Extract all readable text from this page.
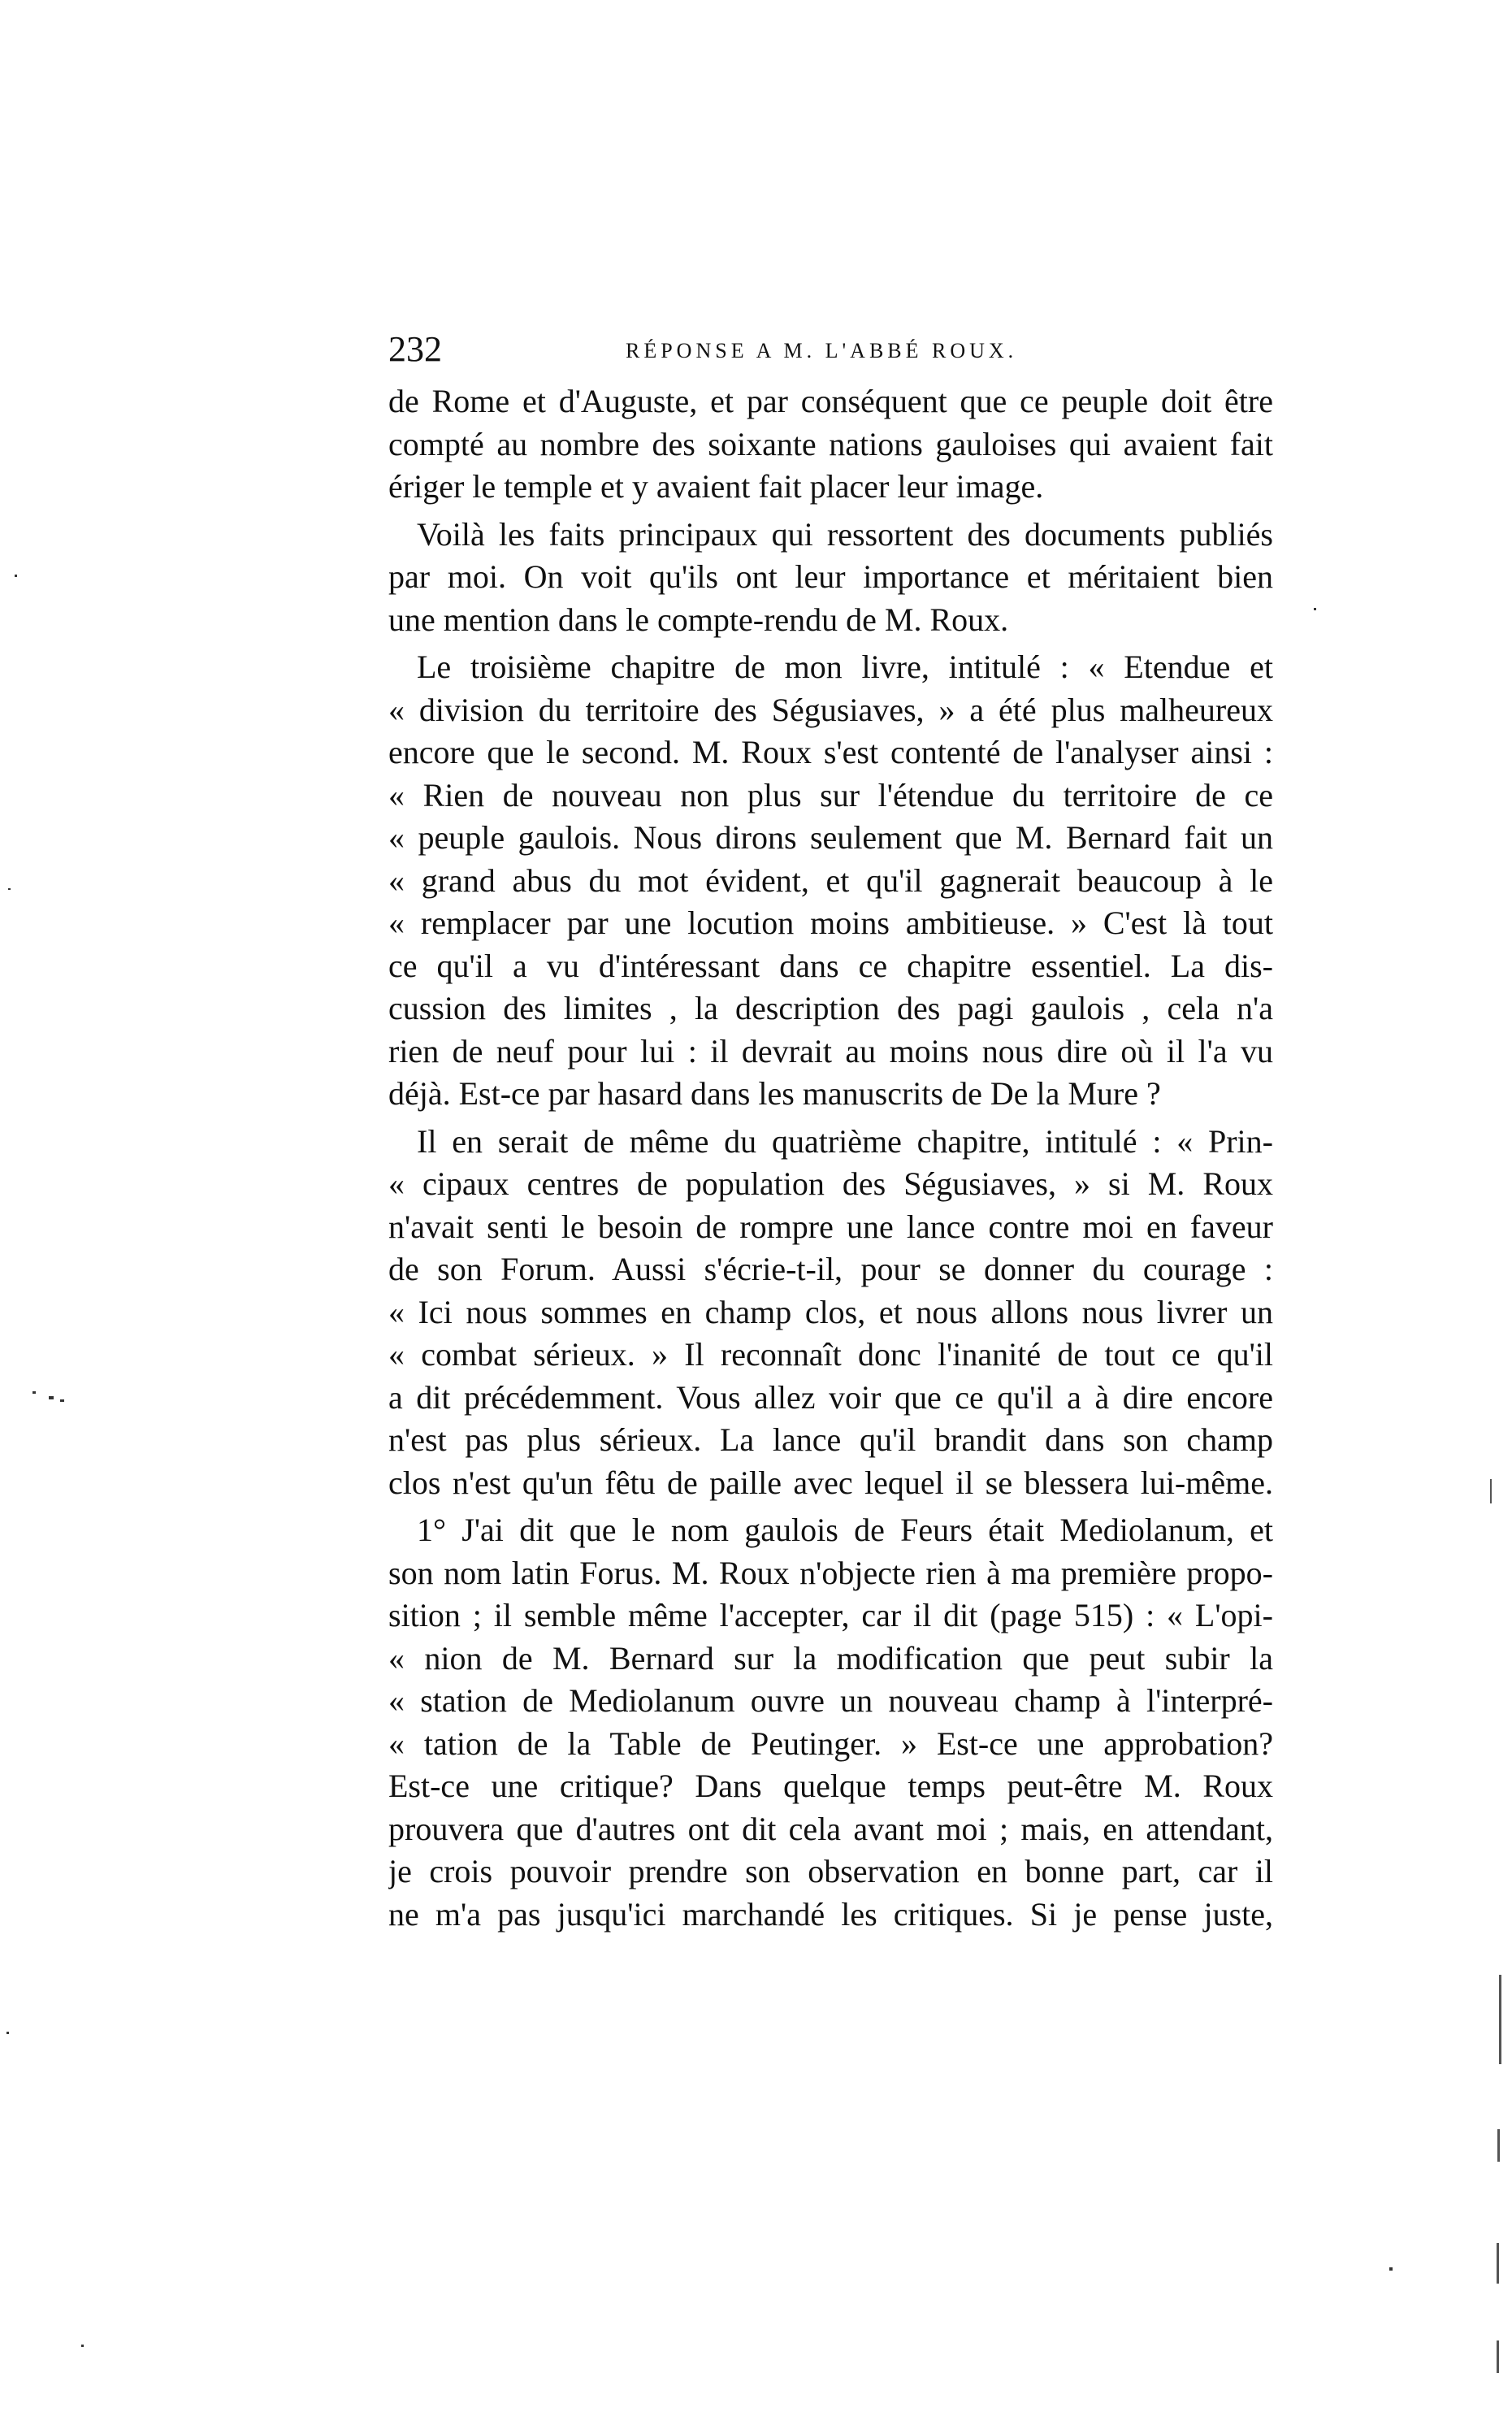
232	RÉPONSE A M. L'ABBÉ ROUX.
de Rome et d'Auguste, et par conséquent que ce peuple doit être
compté au nombre des soixante nations gauloises qui avaient fait
ériger le temple et y avaient fait placer leur image.
Voilà les faits principaux qui ressortent des documents publiés
par moi. On voit qu'ils ont leur importance et méritaient bien
une mention dans le compte-rendu de M. Roux.
Le troisième chapitre de mon livre, intitulé : « Etendue et
« division du territoire des Ségusiaves, » a été plus malheureux
encore que le second. M. Roux s'est contenté de l'analyser ainsi :
« Rien de nouveau non plus sur l'étendue du territoire de ce
« peuple gaulois. Nous dirons seulement que M. Bernard fait un
« grand abus du mot évident, et qu'il gagnerait beaucoup à le
« remplacer par une locution moins ambitieuse. » C'est là tout
ce qu'il a vu d'intéressant dans ce chapitre essentiel. La dis-
cussion des limites , la description des pagi gaulois , cela n'a
rien de neuf pour lui : il devrait au moins nous dire où il l'a vu
déjà. Est-ce par hasard dans les manuscrits de De la Mure ?
Il en serait de même du quatrième chapitre, intitulé : « Prin-
« cipaux centres de population des Ségusiaves, » si M. Roux
n'avait senti le besoin de rompre une lance contre moi en faveur
de son Forum. Aussi s'écrie-t-il, pour se donner du courage :
« Ici nous sommes en champ clos, et nous allons nous livrer un
« combat sérieux. » Il reconnaît donc l'inanité de tout ce qu'il
a dit précédemment. Vous allez voir que ce qu'il a à dire encore
n'est pas plus sérieux. La lance qu'il brandit dans son champ
clos n'est qu'un fêtu de paille avec lequel il se blessera lui-même.
1° J'ai dit que le nom gaulois de Feurs était Mediolanum, et
son nom latin Forus. M. Roux n'objecte rien à ma première propo-
sition ; il semble même l'accepter, car il dit (page 515) : « L'opi-
« nion de M. Bernard sur la modification que peut subir la
« station de Mediolanum ouvre un nouveau champ à l'interpré-
« tation de la Table de Peutinger. » Est-ce une approbation?
Est-ce une critique? Dans quelque temps peut-être M. Roux
prouvera que d'autres ont dit cela avant moi ; mais, en attendant,
je crois pouvoir prendre son observation en bonne part, car il
ne m'a pas jusqu'ici marchandé les critiques. Si je pense juste,
